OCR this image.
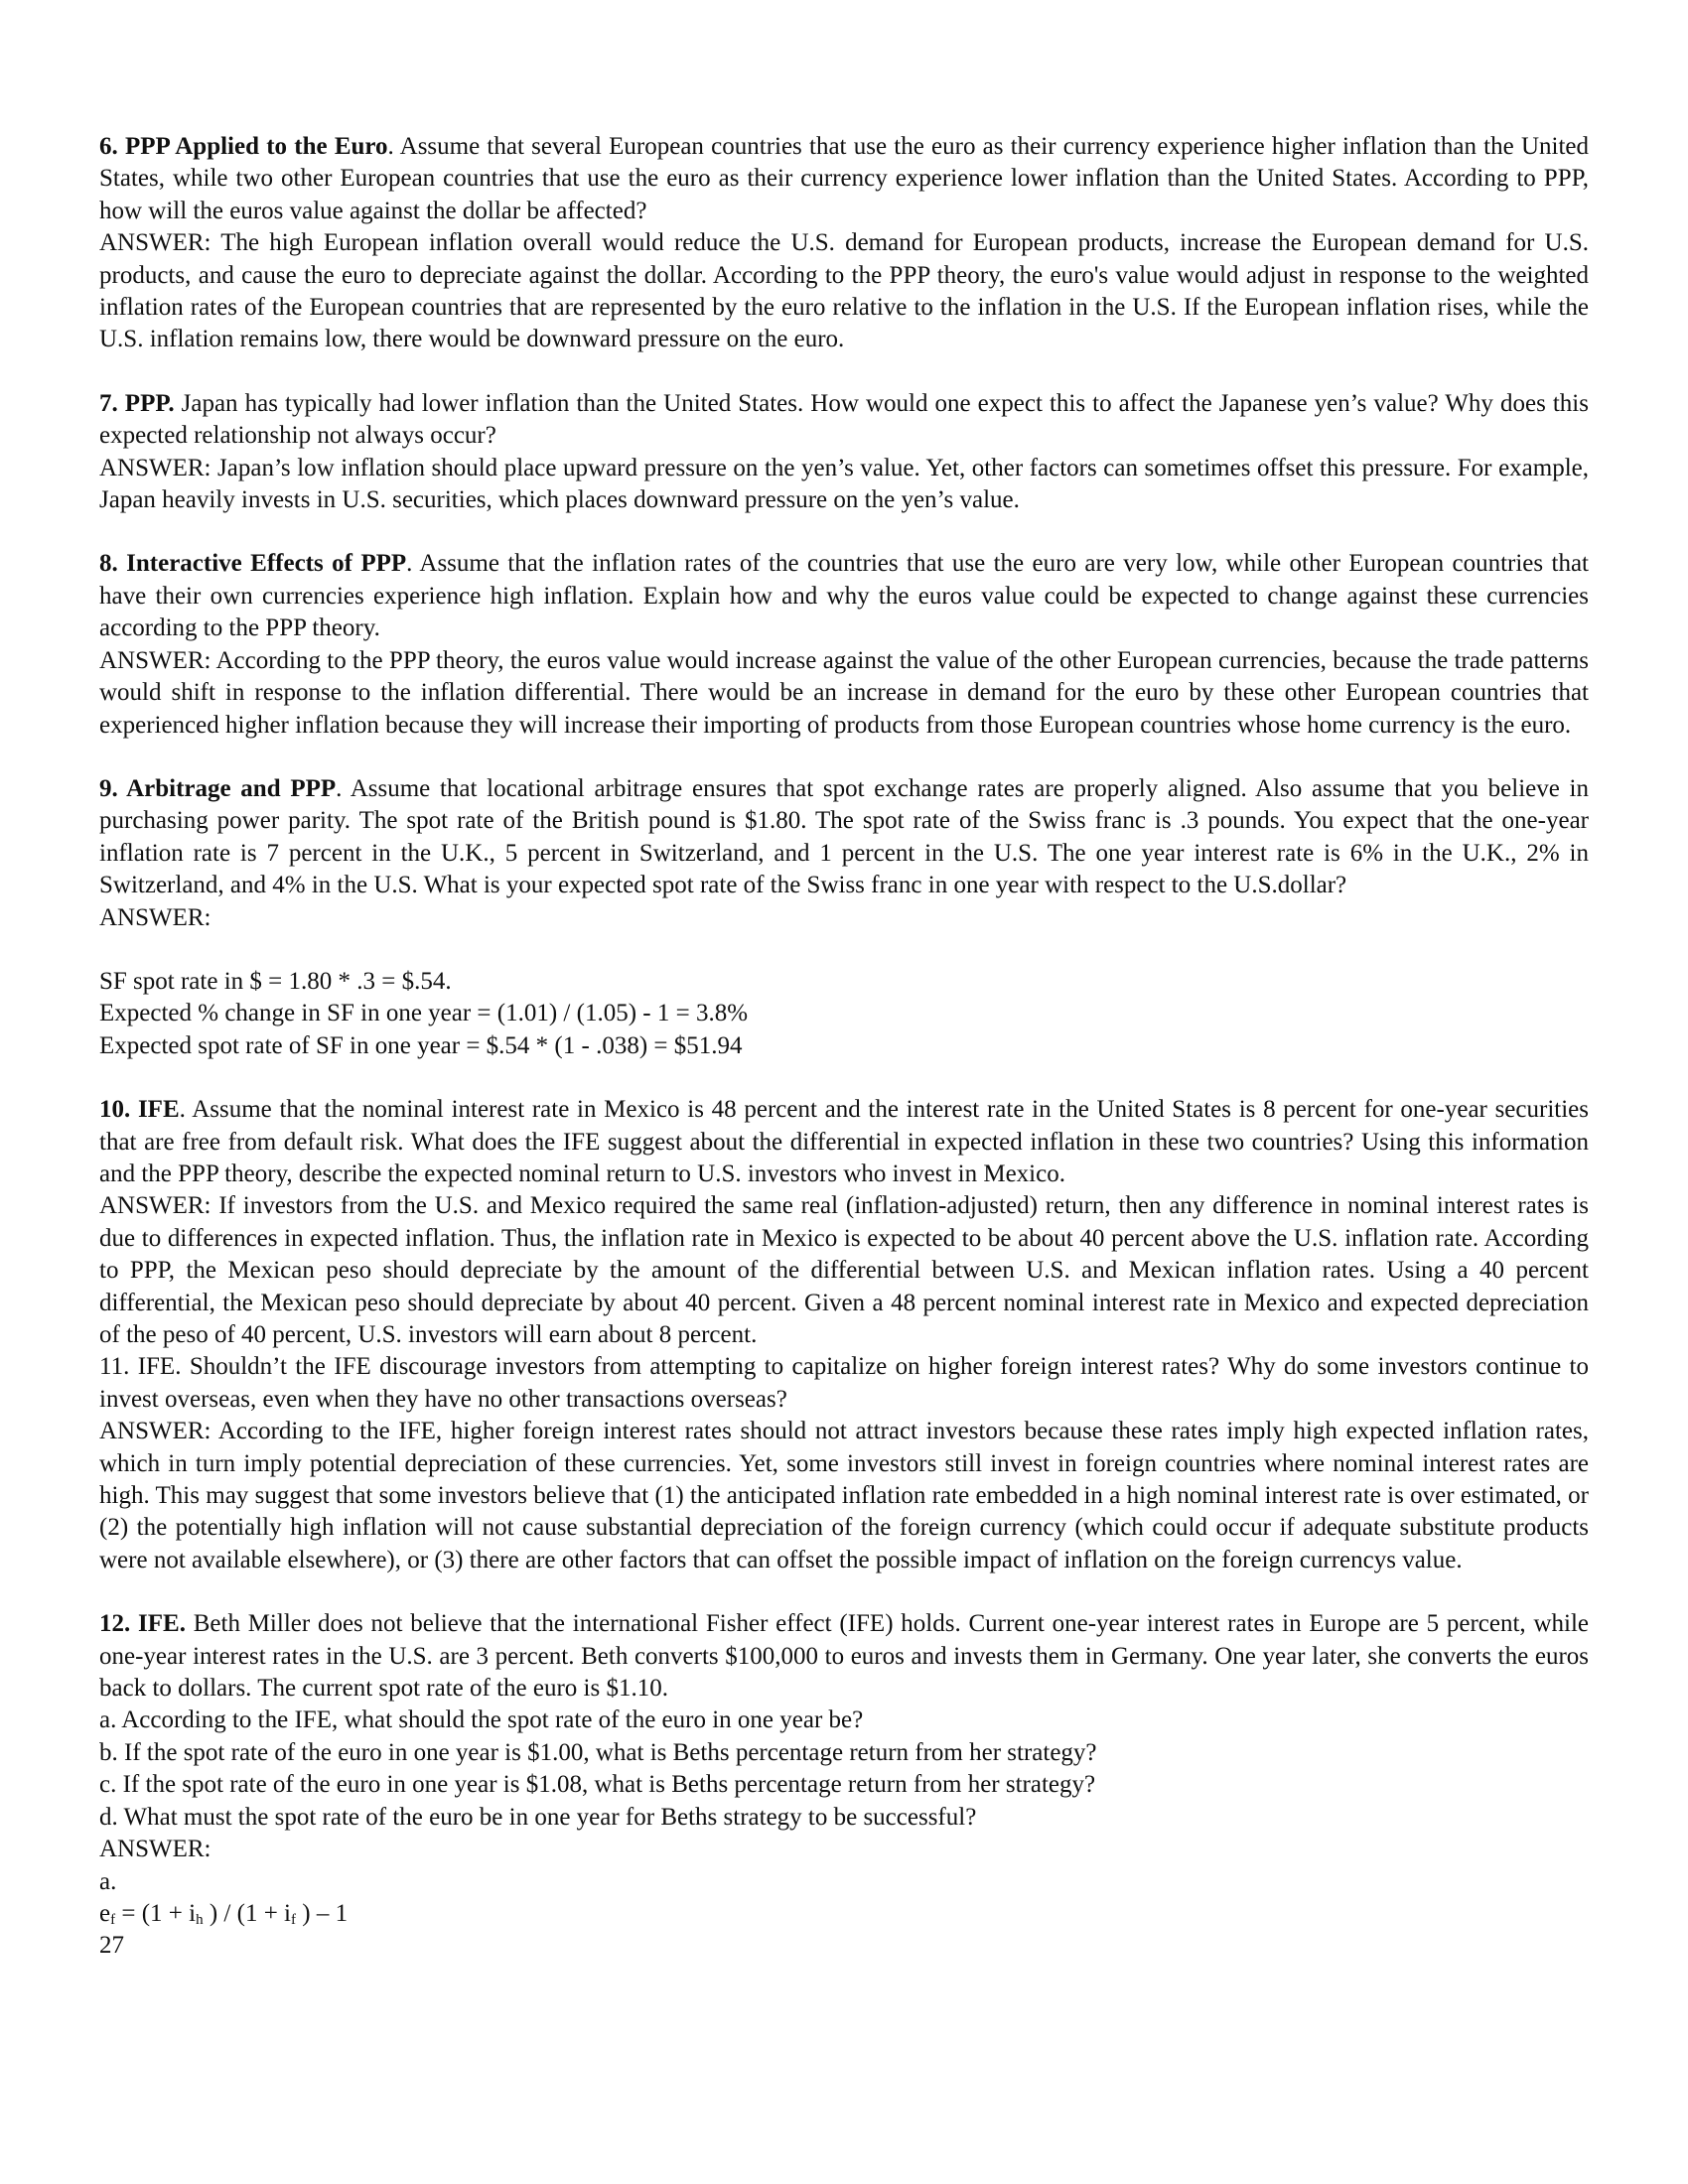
6. PPP Applied to the Euro. Assume that several European countries that use the euro as their currency experience higher inflation than the United States, while two other European countries that use the euro as their currency experience lower inflation than the United States. According to PPP, how will the euros value against the dollar be affected?

ANSWER: The high European inflation overall would reduce the U.S. demand for European products, increase the European demand for U.S. products, and cause the euro to depreciate against the dollar. According to the PPP theory, the euro's value would adjust in response to the weighted inflation rates of the European countries that are represented by the euro relative to the inflation in the U.S. If the European inflation rises, while the U.S. inflation remains low, there would be downward pressure on the euro.

7. PPP. Japan has typically had lower inflation than the United States. How would one expect this to affect the Japanese yen’s value? Why does this expected relationship not always occur?

ANSWER: Japan’s low inflation should place upward pressure on the yen’s value. Yet, other factors can sometimes offset this pressure. For example, Japan heavily invests in U.S. securities, which places downward pressure on the yen’s value.

8. Interactive Effects of PPP. Assume that the inflation rates of the countries that use the euro are very low, while other European countries that have their own currencies experience high inflation. Explain how and why the euros value could be expected to change against these currencies according to the PPP theory.

ANSWER: According to the PPP theory, the euros value would increase against the value of the other European currencies, because the trade patterns would shift in response to the inflation differential. There would be an increase in demand for the euro by these other European countries that experienced higher inflation because they will increase their importing of products from those European countries whose home currency is the euro.

9. Arbitrage and PPP. Assume that locational arbitrage ensures that spot exchange rates are properly aligned. Also assume that you believe in purchasing power parity. The spot rate of the British pound is $1.80. The spot rate of the Swiss franc is .3 pounds. You expect that the one-year inflation rate is 7 percent in the U.K., 5 percent in Switzerland, and 1 percent in the U.S. The one year interest rate is 6% in the U.K., 2% in Switzerland, and 4% in the U.S. What is your expected spot rate of the Swiss franc in one year with respect to the U.S.dollar?

ANSWER:

SF spot rate in $ = 1.80 * .3 = $.54.

Expected % change in SF in one year = (1.01) / (1.05) - 1 = 3.8%

Expected spot rate of SF in one year = $.54 * (1 - .038) = $51.94

10. IFE. Assume that the nominal interest rate in Mexico is 48 percent and the interest rate in the United States is 8 percent for one-year securities that are free from default risk. What does the IFE suggest about the differential in expected inflation in these two countries? Using this information and the PPP theory, describe the expected nominal return to U.S. investors who invest in Mexico.

ANSWER: If investors from the U.S. and Mexico required the same real (inflation-adjusted) return, then any difference in nominal interest rates is due to differences in expected inflation. Thus, the inflation rate in Mexico is expected to be about 40 percent above the U.S. inflation rate. According to PPP, the Mexican peso should depreciate by the amount of the differential between U.S. and Mexican inflation rates. Using a 40 percent differential, the Mexican peso should depreciate by about 40 percent. Given a 48 percent nominal interest rate in Mexico and expected depreciation of the peso of 40 percent, U.S. investors will earn about 8 percent.

11. IFE. Shouldn’t the IFE discourage investors from attempting to capitalize on higher foreign interest rates? Why do some investors continue to invest overseas, even when they have no other transactions overseas?

ANSWER: According to the IFE, higher foreign interest rates should not attract investors because these rates imply high expected inflation rates, which in turn imply potential depreciation of these currencies. Yet, some investors still invest in foreign countries where nominal interest rates are high. This may suggest that some investors believe that (1) the anticipated inflation rate embedded in a high nominal interest rate is over estimated, or (2) the potentially high inflation will not cause substantial depreciation of the foreign currency (which could occur if adequate substitute products were not available elsewhere), or (3) there are other factors that can offset the possible impact of inflation on the foreign currencys value.

12. IFE. Beth Miller does not believe that the international Fisher effect (IFE) holds. Current one-year interest rates in Europe are 5 percent, while one-year interest rates in the U.S. are 3 percent. Beth converts $100,000 to euros and invests them in Germany. One year later, she converts the euros back to dollars. The current spot rate of the euro is $1.10.

a. According to the IFE, what should the spot rate of the euro in one year be?

b. If the spot rate of the euro in one year is $1.00, what is Beths percentage return from her strategy?

c. If the spot rate of the euro in one year is $1.08, what is Beths percentage return from her strategy?

d. What must the spot rate of the euro be in one year for Beths strategy to be successful?

ANSWER:

a.

$e_f = (1 + i_h$ ) / ($1 + i_f$ ) – 1

27
